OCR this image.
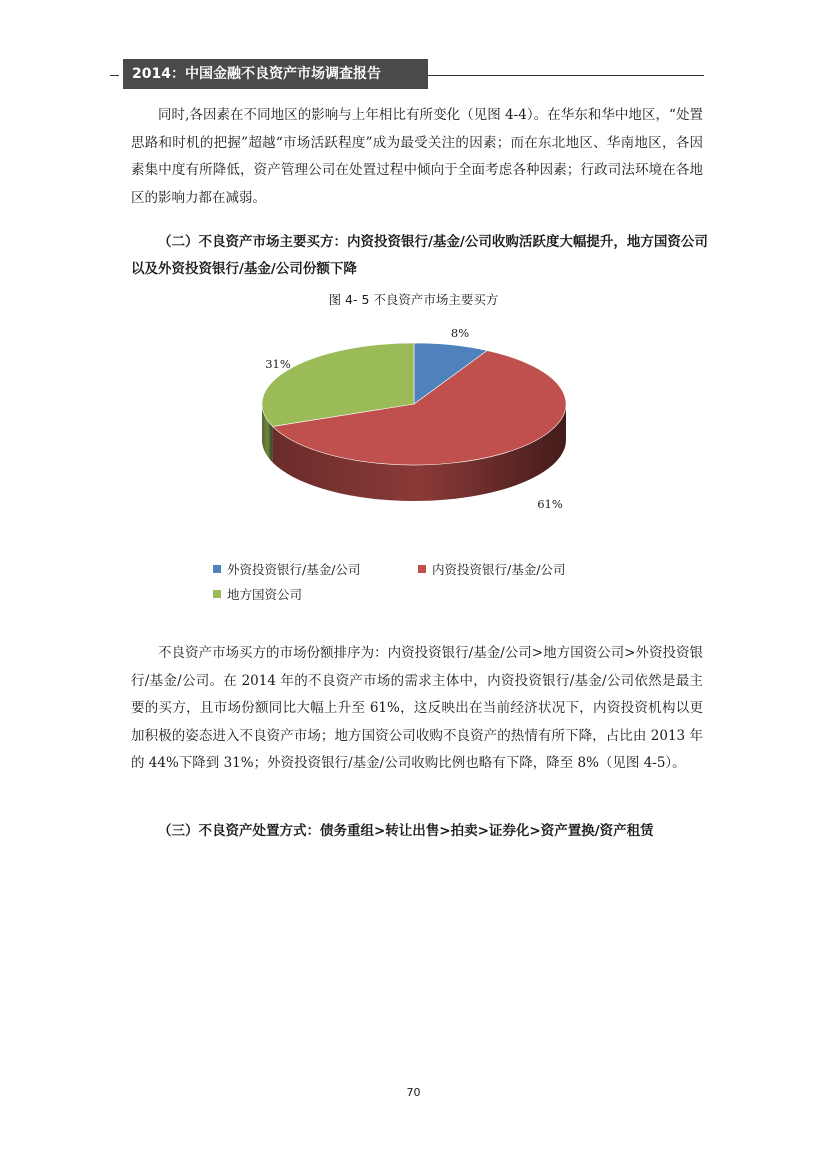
2014：中国金融不良资产市场调查报告

同时,各因素在不同地区的影响与上年相比有所变化（见图 4-4）。在华东和华中地区，“处置思路和时机的把握”超越“市场活跃程度”成为最受关注的因素；而在东北地区、华南地区，各因素集中度有所降低，资产管理公司在处置过程中倾向于全面考虑各种因素；行政司法环境在各地区的影响力都在减弱。

（二）不良资产市场主要买方：内资投资银行/基金/公司收购活跃度大幅提升，地方国资公司以及外资投资银行/基金/公司份额下降

图 4- 5 不良资产市场主要买方
8%
61%
31%
外资投资银行/基金/公司	内资投资银行/基金/公司
地方国资公司

不良资产市场买方的市场份额排序为：内资投资银行/基金/公司>地方国资公司>外资投资银行/基金/公司。在 2014 年的不良资产市场的需求主体中，内资投资银行/基金/公司依然是最主要的买方，且市场份额同比大幅上升至 61%，这反映出在当前经济状况下，内资投资机构以更加积极的姿态进入不良资产市场；地方国资公司收购不良资产的热情有所下降，占比由 2013 年的 44%下降到 31%；外资投资银行/基金/公司收购比例也略有下降，降至 8%（见图 4-5）。

（三）不良资产处置方式：债务重组>转让出售>拍卖>证券化>资产置换/资产租赁

70
